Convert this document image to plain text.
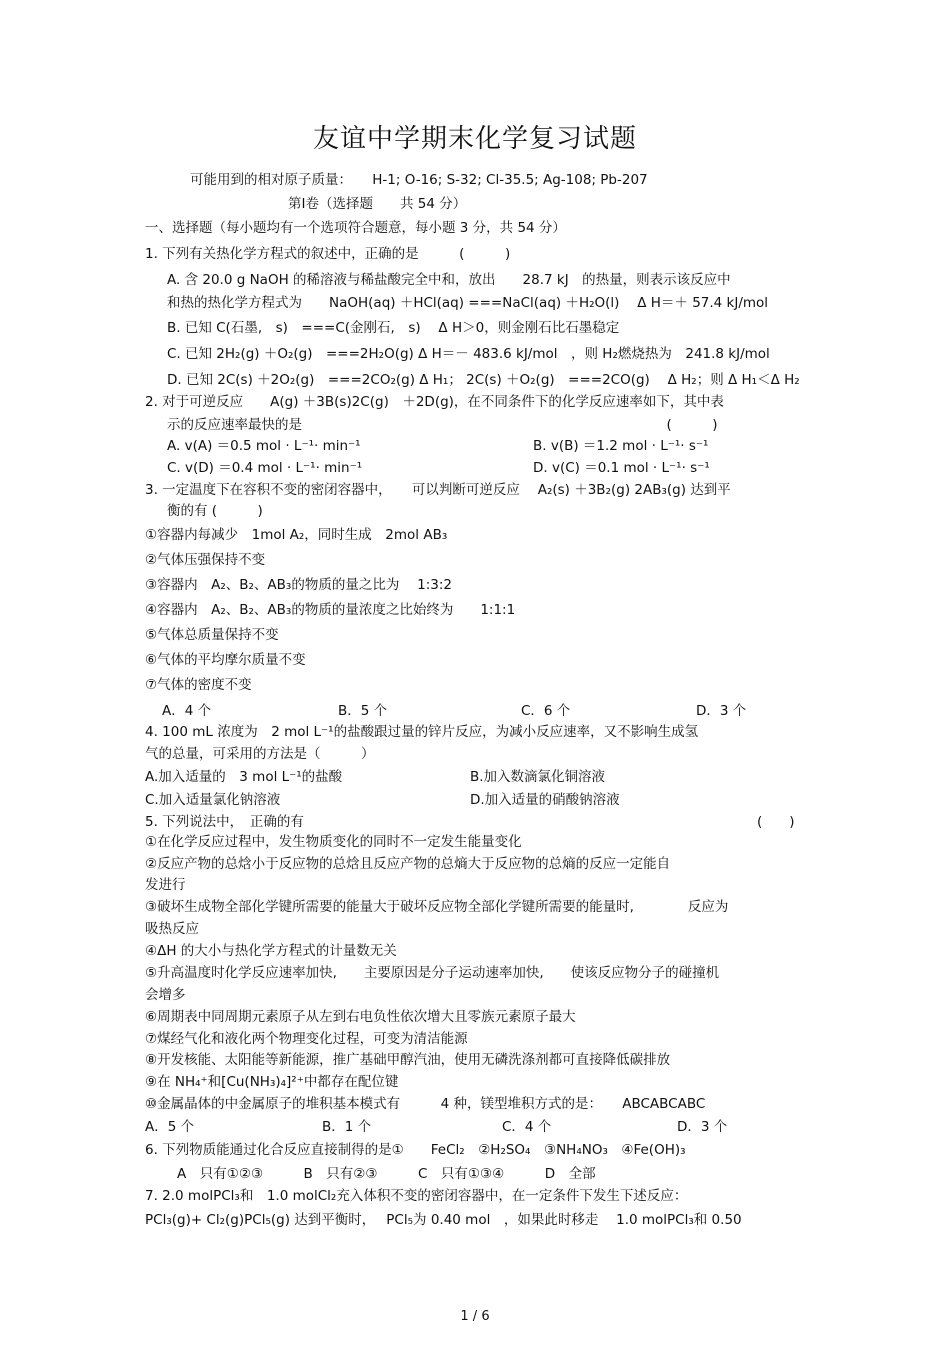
友谊中学期末化学复习试题
可能用到的相对原子质量：　　H-1; O-16; S-32; Cl-35.5; Ag-108; Pb-207
第Ⅰ卷（选择题　　共 54 分）
一、选择题（每小题均有一个选项符合题意，每小题 3 分，共 54 分）
1. 下列有关热化学方程式的叙述中，正确的是　　　(　　　)
A. 含 20.0 g NaOH 的稀溶液与稀盐酸完全中和，放出　　28.7 kJ　的热量，则表示该反应中
和热的热化学方程式为　　NaOH(aq) ＋HCl(aq) ===NaCl(aq) ＋H₂O(l)　 Δ H＝＋ 57.4 kJ/mol
B. 已知 C(石墨,　s)　===C(金刚石,　s)　 Δ H＞0，则金刚石比石墨稳定
C. 已知 2H₂(g) ＋O₂(g)　===2H₂O(g) Δ H＝－ 483.6 kJ/mol　，则 H₂燃烧热为　241.8 kJ/mol
D. 已知 2C(s) ＋2O₂(g)　===2CO₂(g) Δ H₁； 2C(s) ＋O₂(g)　===2CO(g)　 Δ H₂；则 Δ H₁＜Δ H₂
2. 对于可逆反应　　A(g) ＋3B(s)2C(g)　＋2D(g)，在不同条件下的化学反应速率如下，其中表
示的反应速率最快的是　　　　　　　　　　　　　　　　　　　　　　　　　　　(　　　)
A. v(A) ＝0.5 mol · L⁻¹· min⁻¹	B. v(B) ＝1.2 mol · L⁻¹· s⁻¹
C. v(D) ＝0.4 mol · L⁻¹· min⁻¹	D. v(C) ＝0.1 mol · L⁻¹· s⁻¹
3. 一定温度下在容积不变的密闭容器中，　　可以判断可逆反应　 A₂(s) ＋3B₂(g) 2AB₃(g) 达到平
衡的有 (　　　)
①容器内每减少　1mol A₂，同时生成　2mol AB₃
②气体压强保持不变
③容器内　A₂、B₂、AB₃的物质的量之比为　 1:3:2
④容器内　A₂、B₂、AB₃的物质的量浓度之比始终为　　1:1:1
⑤气体总质量保持不变
⑥气体的平均摩尔质量不变
⑦气体的密度不变
A．4 个	B．5 个	C．6 个	D．3 个
4. 100 mL 浓度为　2 mol L⁻¹的盐酸跟过量的锌片反应，为减小反应速率，又不影响生成氢
气的总量，可采用的方法是（　　　）
A.加入适量的　3 mol L⁻¹的盐酸	B.加入数滴氯化铜溶液
C.加入适量氯化钠溶液	D.加入适量的硝酸钠溶液
5. 下列说法中，　正确的有	(　　)
①在化学反应过程中，发生物质变化的同时不一定发生能量变化
②反应产物的总焓小于反应物的总焓且反应产物的总熵大于反应物的总熵的反应一定能自
发进行
③破坏生成物全部化学键所需要的能量大于破坏反应物全部化学键所需要的能量时,　　　　反应为
吸热反应
④ΔH 的大小与热化学方程式的计量数无关
⑤升高温度时化学反应速率加快,　　主要原因是分子运动速率加快,　　使该反应物分子的碰撞机
会增多
⑥周期表中同周期元素原子从左到右电负性依次增大且零族元素原子最大
⑦煤经气化和液化两个物理变化过程，可变为清洁能源
⑧开发核能、太阳能等新能源，推广基础甲醇汽油，使用无磷洗涤剂都可直接降低碳排放
⑨在 NH₄⁺和[Cu(NH₃)₄]²⁺中都存在配位键
⑩金属晶体的中金属原子的堆积基本模式有　　　4 种，镁型堆积方式的是：　　ABCABCABC
A．5 个	B．1 个	C．4 个	D．3 个
6. 下列物质能通过化合反应直接制得的是①　　FeCl₂　②H₂SO₄　③NH₄NO₃　④Fe(OH)₃
A　只有①②③　　　B　只有②③　　　C　只有①③④　　　D　全部
7. 2.0 molPCl₃和　1.0 molCl₂充入体积不变的密闭容器中，在一定条件下发生下述反应：
PCl₃(g)+ Cl₂(g)PCl₅(g) 达到平衡时，　 PCl₅为 0.40 mol　，如果此时移走　 1.0 molPCl₃和 0.50
1 / 6
